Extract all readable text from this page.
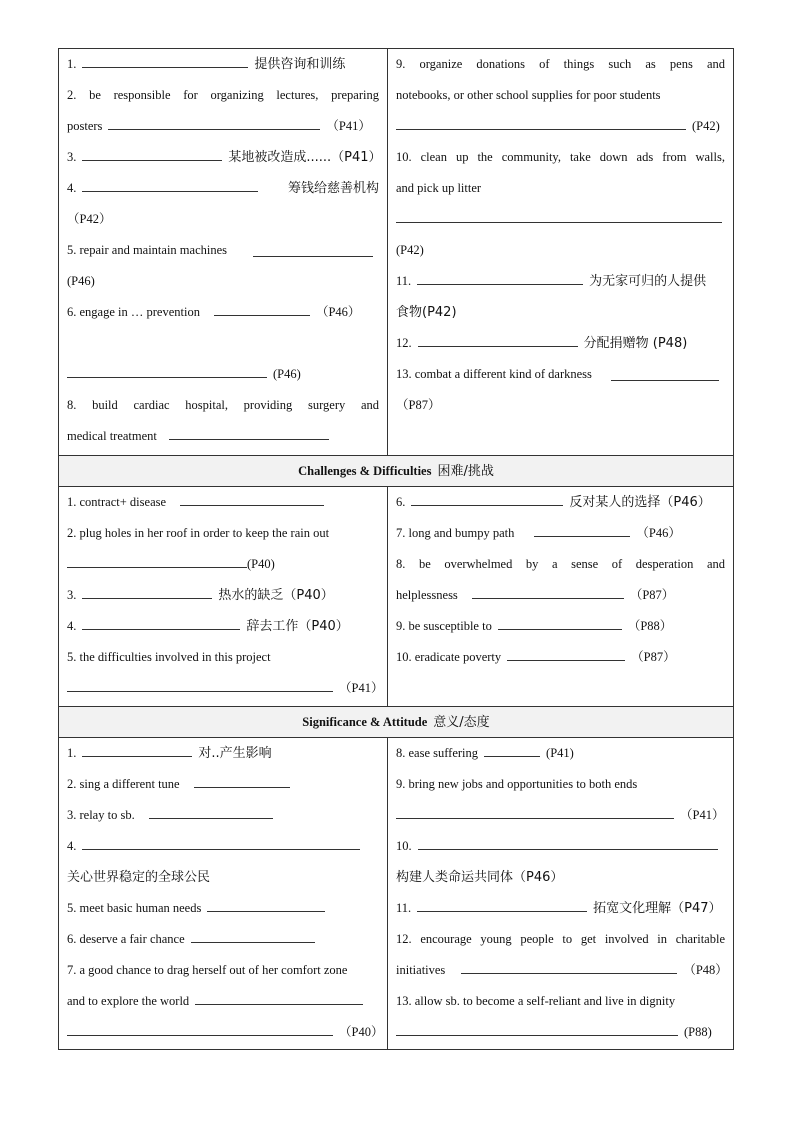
1.	提供咨询和训练
2. be responsible for organizing lectures, preparing
posters	（P41）
3.	某地被改造成......（P41）
4.	筹钱给慈善机构
（P42）
5. repair and maintain machines
(P46)
6. engage in … prevention	（P46）
(P46)
8. build cardiac hospital, providing surgery and
medical treatment
9. organize donations of things such as pens and
notebooks, or other school supplies for poor students
(P42)
10. clean up the community, take down ads from walls,
and pick up litter
(P42)
11.	为无家可归的人提供
食物(P42)
12.	分配捐赠物 (P48)
13. combat a different kind of darkness
（P87）
Challenges & Difficulties 困难/挑战
1. contract+ disease
2. plug holes in her roof in order to keep the rain out
(P40)
3.	热水的缺乏（P40）
4.	辞去工作（P40）
5. the difficulties involved in this project
（P41）
6.	反对某人的选择（P46）
7. long and bumpy path	（P46）
8. be overwhelmed by a sense of desperation and
helplessness	（P87）
9. be susceptible to	（P88）
10. eradicate poverty	（P87）
Significance & Attitude 意义/态度
1.	对..产生影响
2. sing a different tune
3. relay to sb.
4.
关心世界稳定的全球公民
5. meet basic human needs
6. deserve a fair chance
7. a good chance to drag herself out of her comfort zone
and to explore the world
（P40）
8. ease suffering	(P41)
9. bring new jobs and opportunities to both ends
（P41）
10.
构建人类命运共同体（P46）
11.	拓宽文化理解（P47）
12. encourage young people to get involved in charitable
initiatives	（P48）
13. allow sb. to become a self-reliant and live in dignity
(P88)
